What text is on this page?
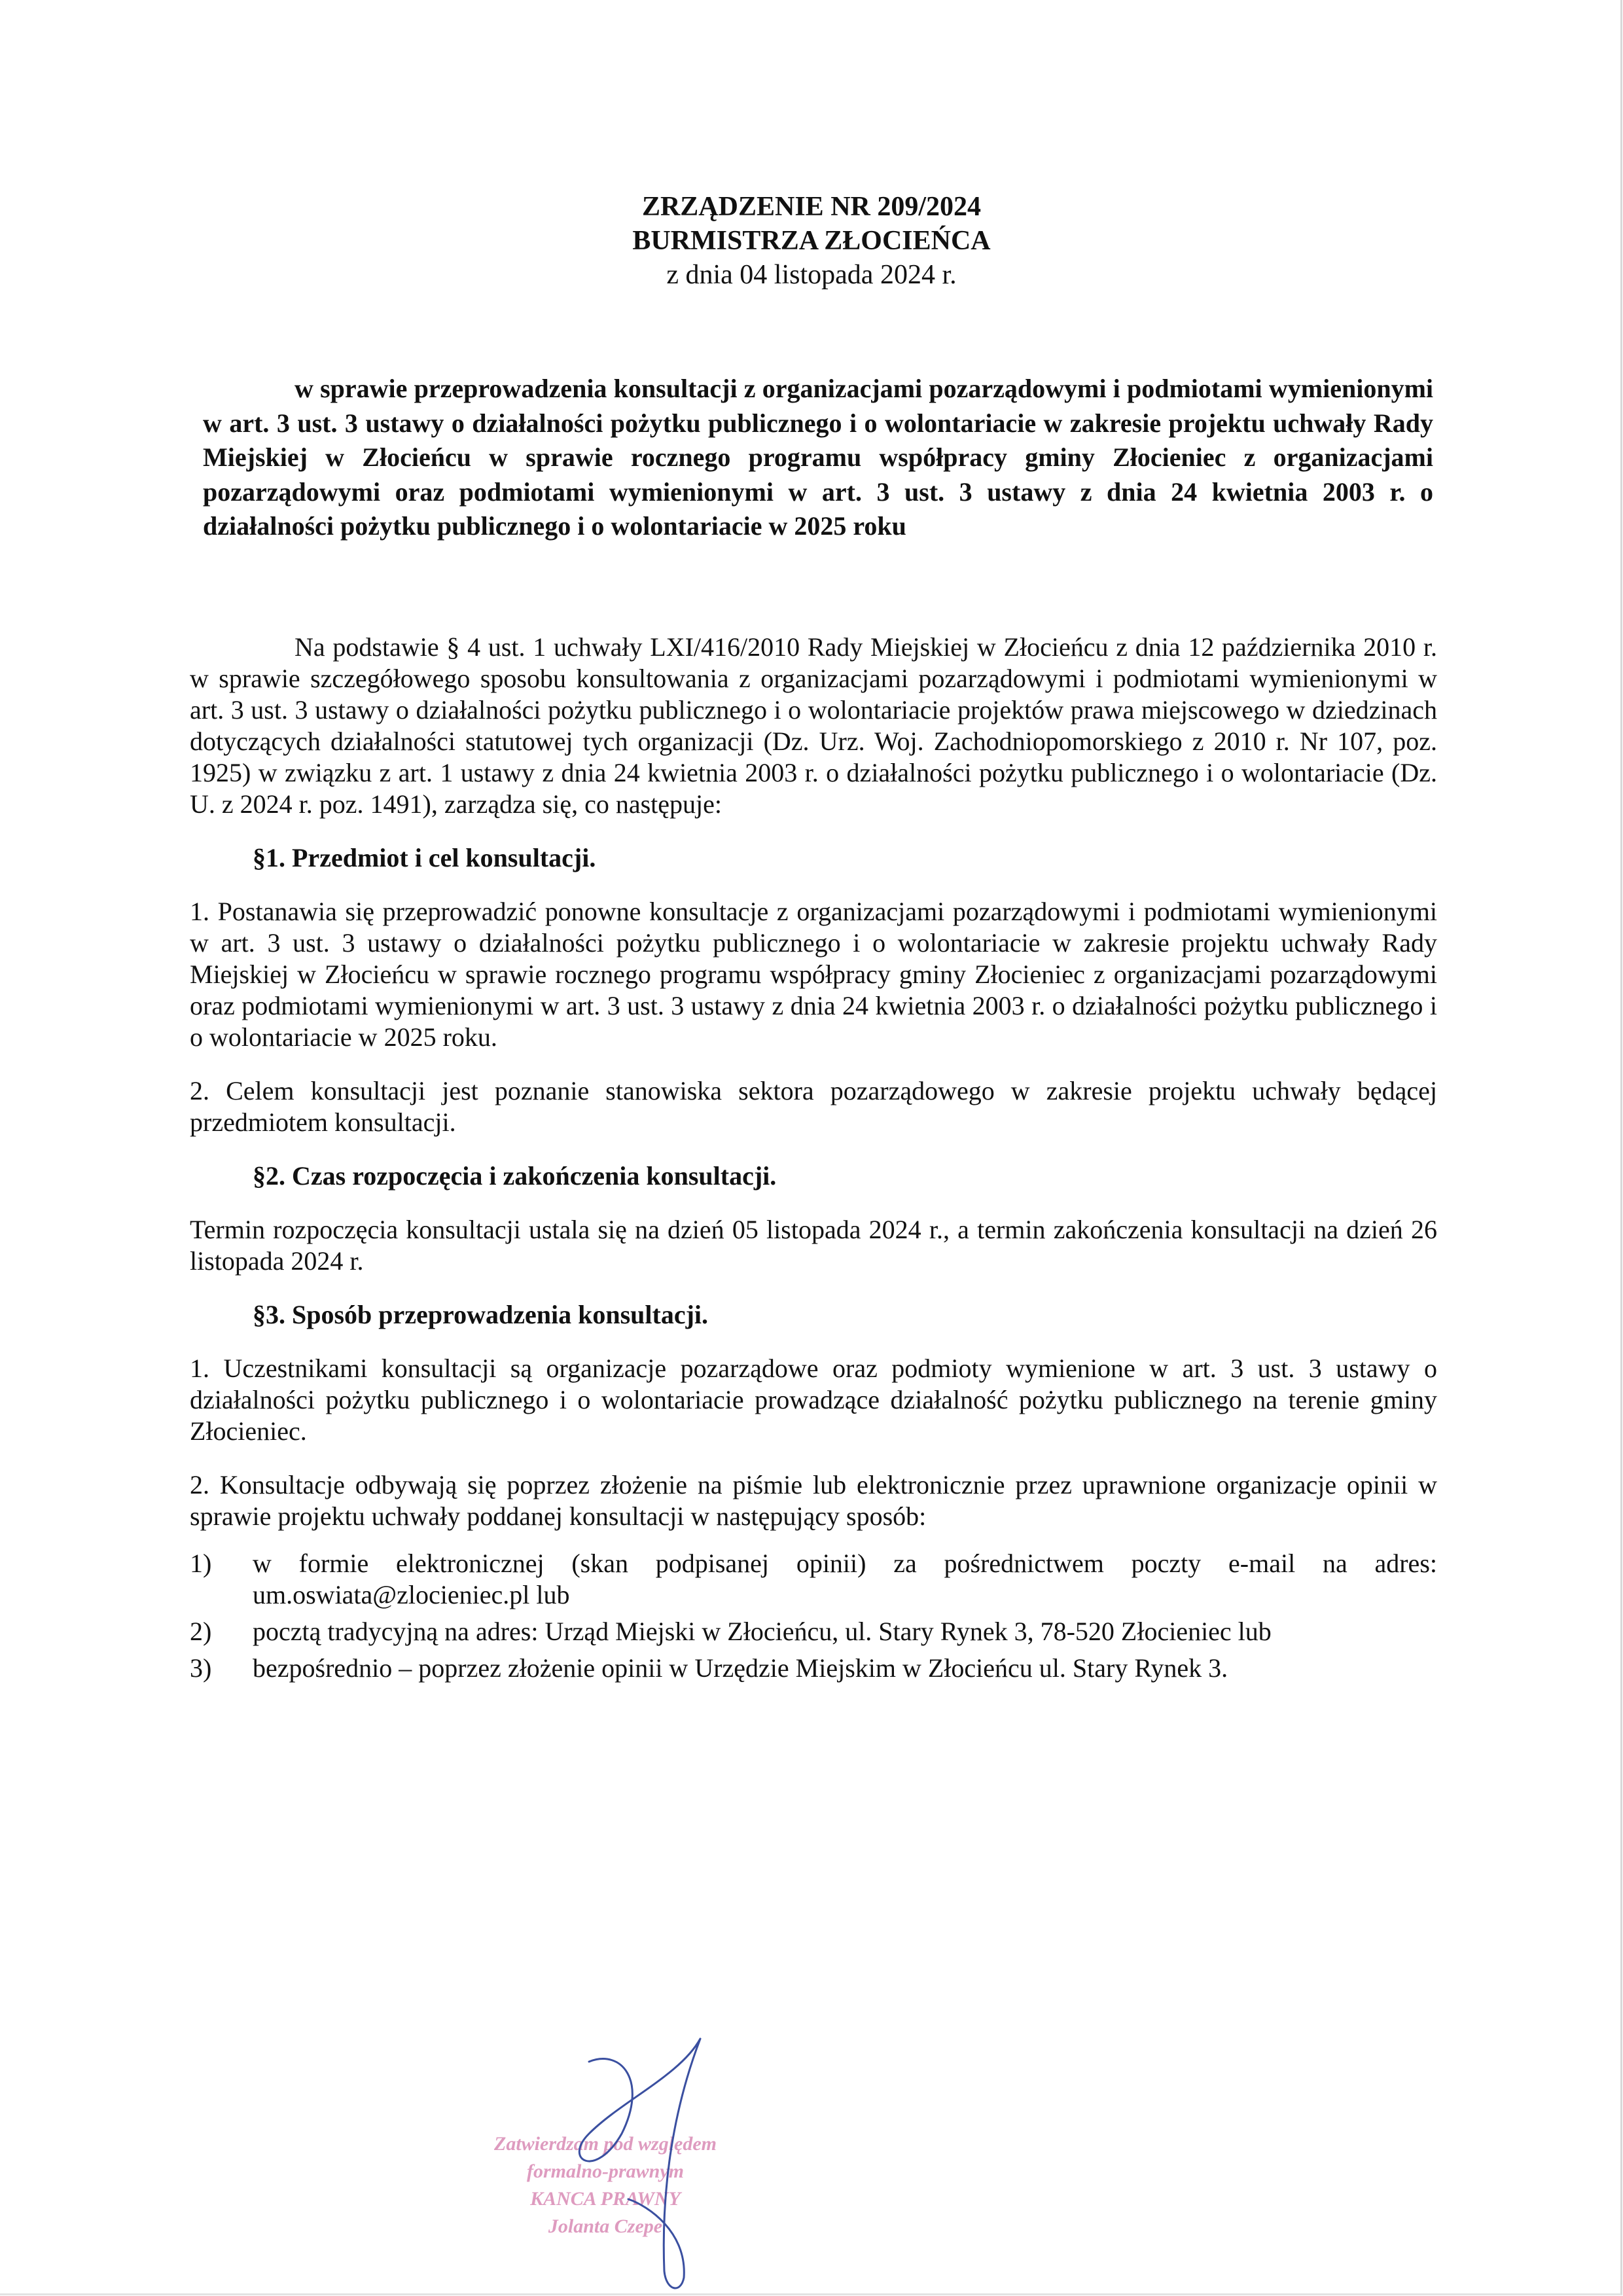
ZRZĄDZENIE NR 209/2024

BURMISTRZA ZŁOCIEŃCA

z dnia 04 listopada 2024 r.

w sprawie przeprowadzenia konsultacji z organizacjami pozarządowymi i podmiotami wymienionymi w art. 3 ust. 3 ustawy o działalności pożytku publicznego i o wolontariacie w zakresie projektu uchwały Rady Miejskiej w Złocieńcu w sprawie rocznego programu współpracy gminy Złocieniec z organizacjami pozarządowymi oraz podmiotami wymienionymi w art. 3 ust. 3 ustawy z dnia 24 kwietnia 2003 r. o działalności pożytku publicznego i o wolontariacie w 2025 roku

Na podstawie § 4 ust. 1 uchwały LXI/416/2010 Rady Miejskiej w Złocieńcu z dnia 12 października 2010 r. w sprawie szczegółowego sposobu konsultowania z organizacjami pozarządowymi i podmiotami wymienionymi w art. 3 ust. 3 ustawy o działalności pożytku publicznego i o wolontariacie projektów prawa miejscowego w dziedzinach dotyczących działalności statutowej tych organizacji (Dz. Urz. Woj. Zachodniopomorskiego z 2010 r. Nr 107, poz. 1925) w związku z art. 1 ustawy z dnia 24 kwietnia 2003 r. o działalności pożytku publicznego i o wolontariacie (Dz. U. z 2024 r. poz. 1491), zarządza się, co następuje:

§1. Przedmiot i cel konsultacji.

1. Postanawia się przeprowadzić ponowne konsultacje z organizacjami pozarządowymi i podmiotami wymienionymi w art. 3 ust. 3 ustawy o działalności pożytku publicznego i o wolontariacie w zakresie projektu uchwały Rady Miejskiej w Złocieńcu w sprawie rocznego programu współpracy gminy Złocieniec z organizacjami pozarządowymi oraz podmiotami wymienionymi w art. 3 ust. 3 ustawy z dnia 24 kwietnia 2003 r. o działalności pożytku publicznego i o wolontariacie w 2025 roku.

2. Celem konsultacji jest poznanie stanowiska sektora pozarządowego w zakresie projektu uchwały będącej przedmiotem konsultacji.

§2. Czas rozpoczęcia i zakończenia konsultacji.

Termin rozpoczęcia konsultacji ustala się na dzień 05 listopada 2024 r., a termin zakończenia konsultacji na dzień 26 listopada 2024 r.

§3. Sposób przeprowadzenia konsultacji.

1. Uczestnikami konsultacji są organizacje pozarządowe oraz podmioty wymienione w art. 3 ust. 3 ustawy o działalności pożytku publicznego i o wolontariacie prowadzące działalność pożytku publicznego na terenie gminy Złocieniec.

2. Konsultacje odbywają się poprzez złożenie na piśmie lub elektronicznie przez uprawnione organizacje opinii w sprawie projektu uchwały poddanej konsultacji w następujący sposób:

1)	w formie elektronicznej (skan podpisanej opinii) za pośrednictwem poczty e-mail na adres: um.oswiata@zlocieniec.pl lub
2)	pocztą tradycyjną na adres: Urząd Miejski w Złocieńcu, ul. Stary Rynek 3, 78-520 Złocieniec lub
3)	bezpośrednio – poprzez złożenie opinii w Urzędzie Miejskim w Złocieńcu ul. Stary Rynek 3.
Zatwierdzam pod względem
formalno-prawnym
KANCA PRAWNY
Jolanta Czepe
